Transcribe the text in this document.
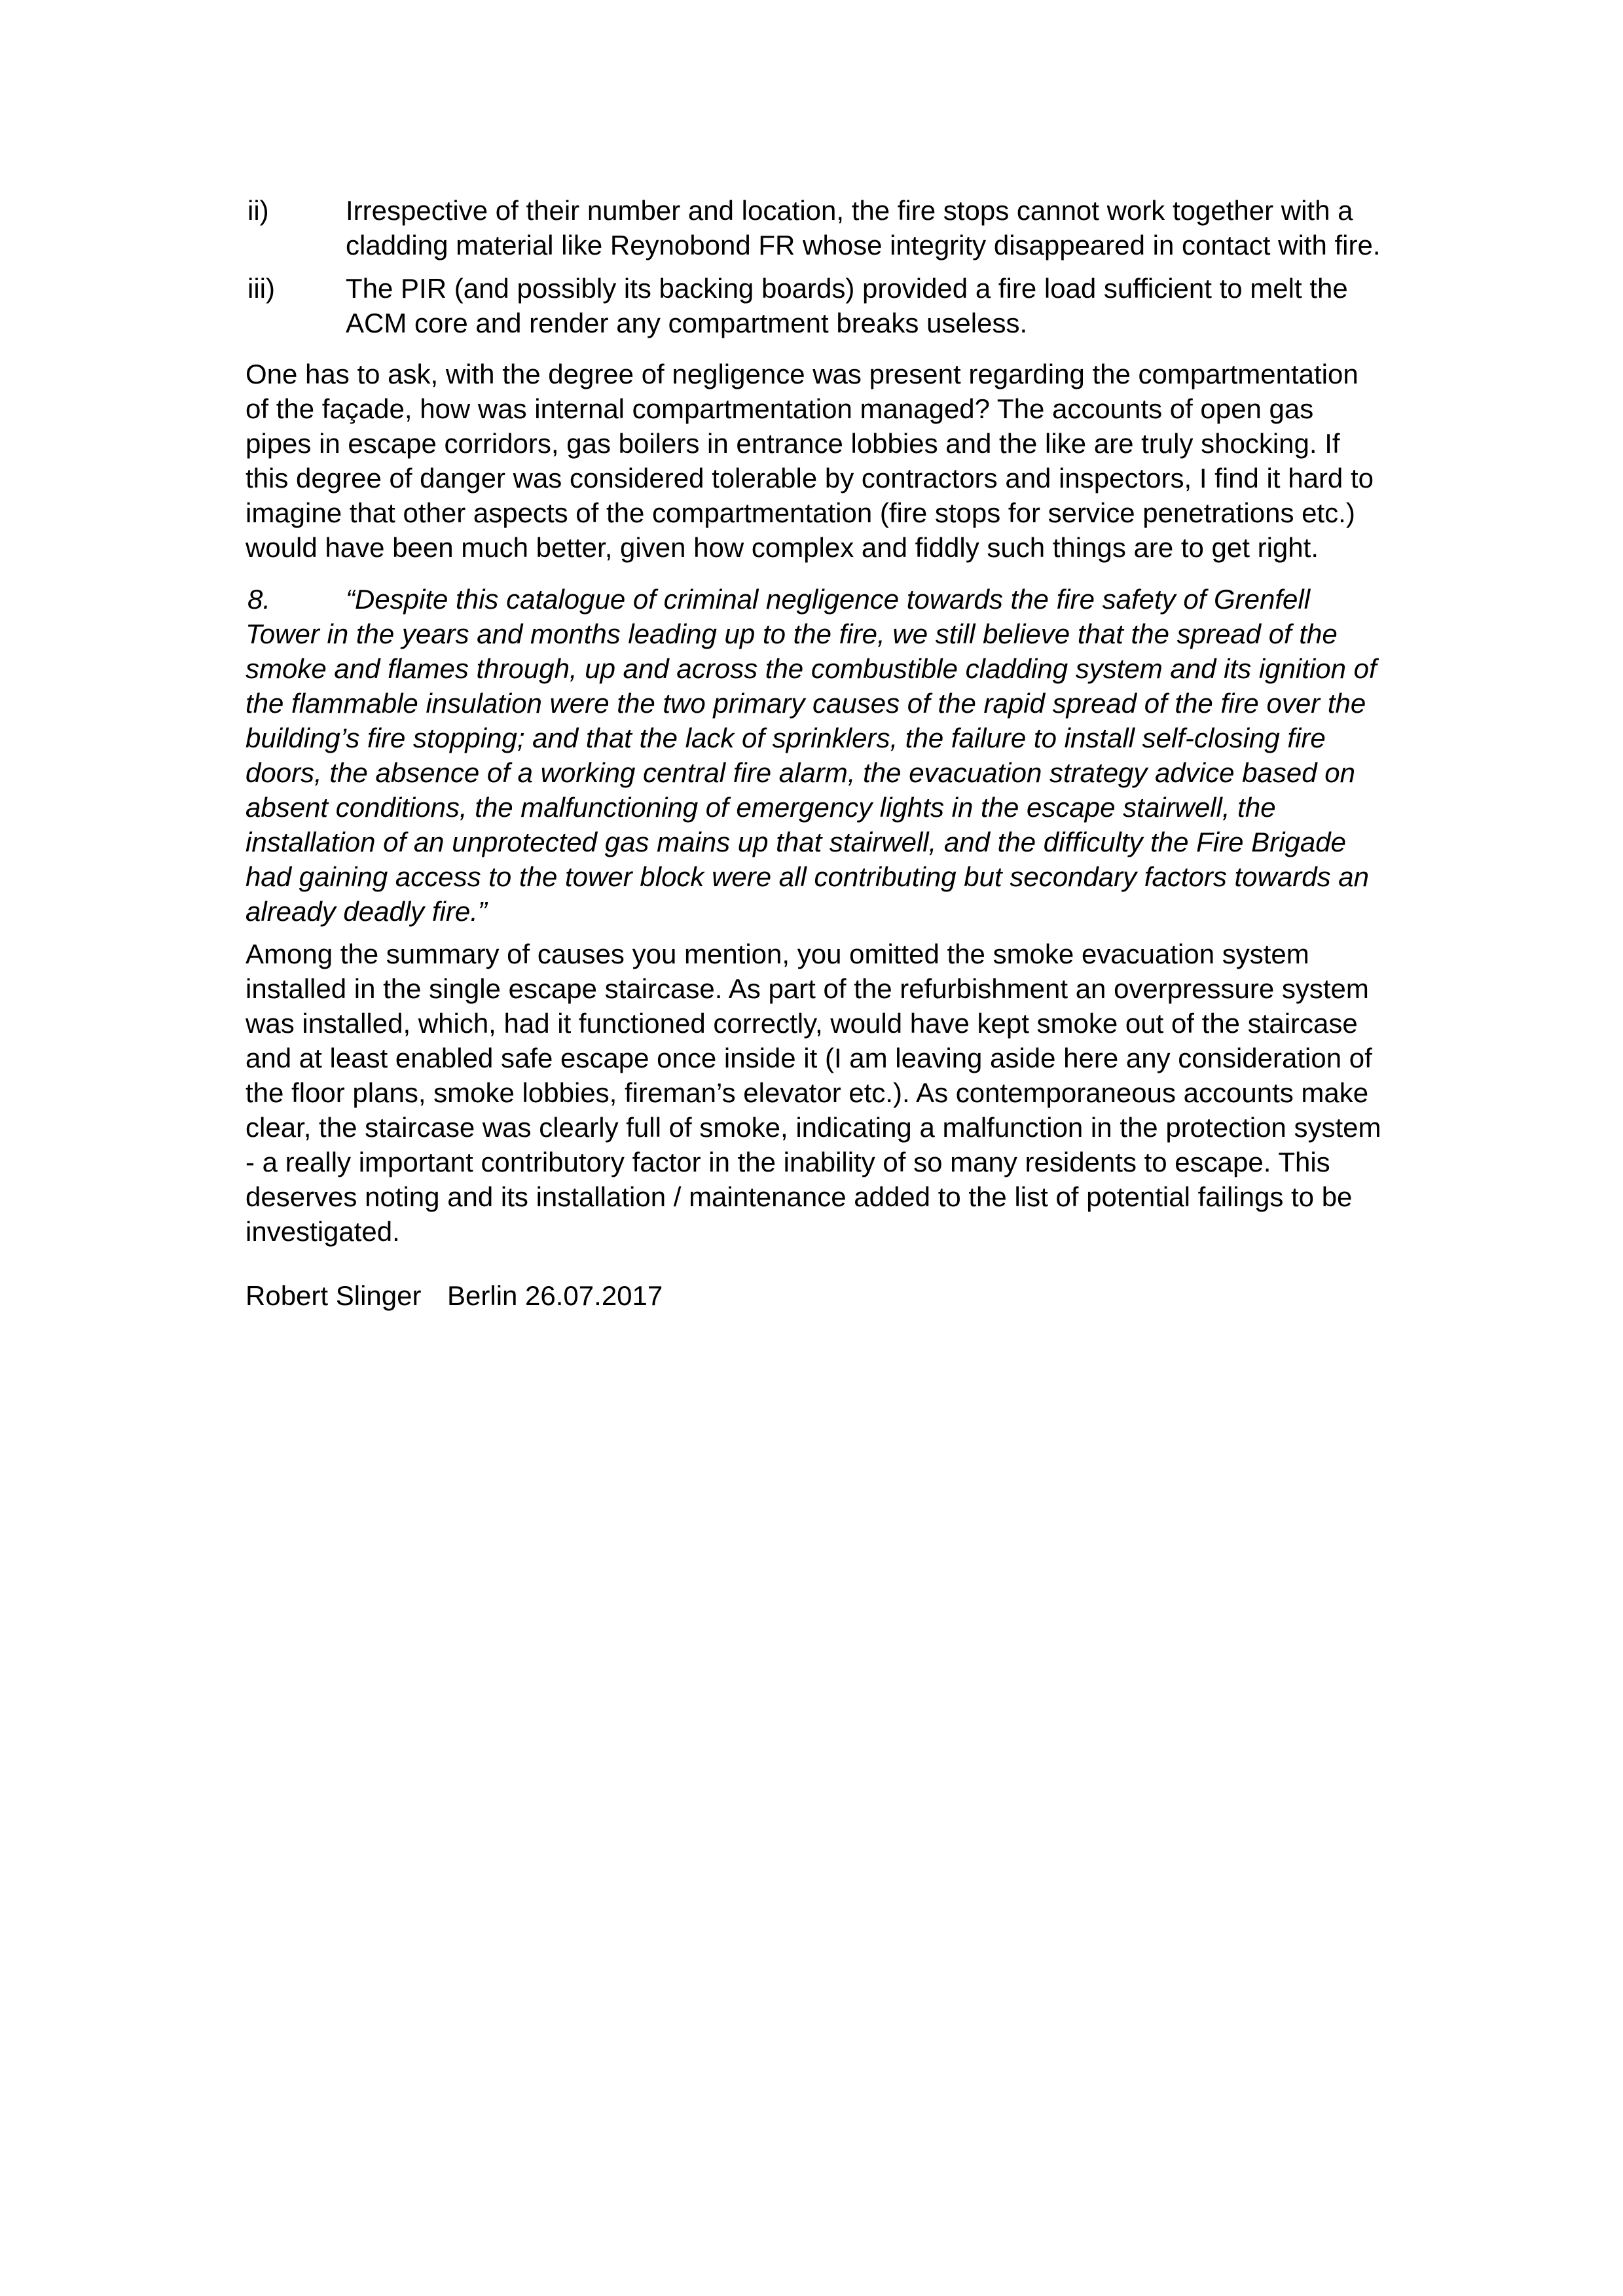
ii)	Irrespective of their number and location, the fire stops cannot work together with a
cladding material like Reynobond FR whose integrity disappeared in contact with fire.
iii)	The PIR (and possibly its backing boards) provided a fire load sufficient to melt the
ACM core and render any compartment breaks useless.
One has to ask, with the degree of negligence was present regarding the compartmentation
of the façade, how was internal compartmentation managed? The accounts of open gas
pipes in escape corridors, gas boilers in entrance lobbies and the like are truly shocking. If
this degree of danger was considered tolerable by contractors and inspectors, I find it hard to
imagine that other aspects of the compartmentation (fire stops for service penetrations etc.)
would have been much better, given how complex and fiddly such things are to get right.
8.	“Despite this catalogue of criminal negligence towards the fire safety of Grenfell
Tower in the years and months leading up to the fire, we still believe that the spread of the
smoke and flames through, up and across the combustible cladding system and its ignition of
the flammable insulation were the two primary causes of the rapid spread of the fire over the
building’s fire stopping; and that the lack of sprinklers, the failure to install self-closing fire
doors, the absence of a working central fire alarm, the evacuation strategy advice based on
absent conditions, the malfunctioning of emergency lights in the escape stairwell, the
installation of an unprotected gas mains up that stairwell, and the difficulty the Fire Brigade
had gaining access to the tower block were all contributing but secondary factors towards an
already deadly fire.”
Among the summary of causes you mention, you omitted the smoke evacuation system
installed in the single escape staircase. As part of the refurbishment an overpressure system
was installed, which, had it functioned correctly, would have kept smoke out of the staircase
and at least enabled safe escape once inside it (I am leaving aside here any consideration of
the floor plans, smoke lobbies, fireman’s elevator etc.). As contemporaneous accounts make
clear, the staircase was clearly full of smoke, indicating a malfunction in the protection system
- a really important contributory factor in the inability of so many residents to escape. This
deserves noting and its installation / maintenance added to the list of potential failings to be
investigated.
Robert Slinger Berlin 26.07.2017
